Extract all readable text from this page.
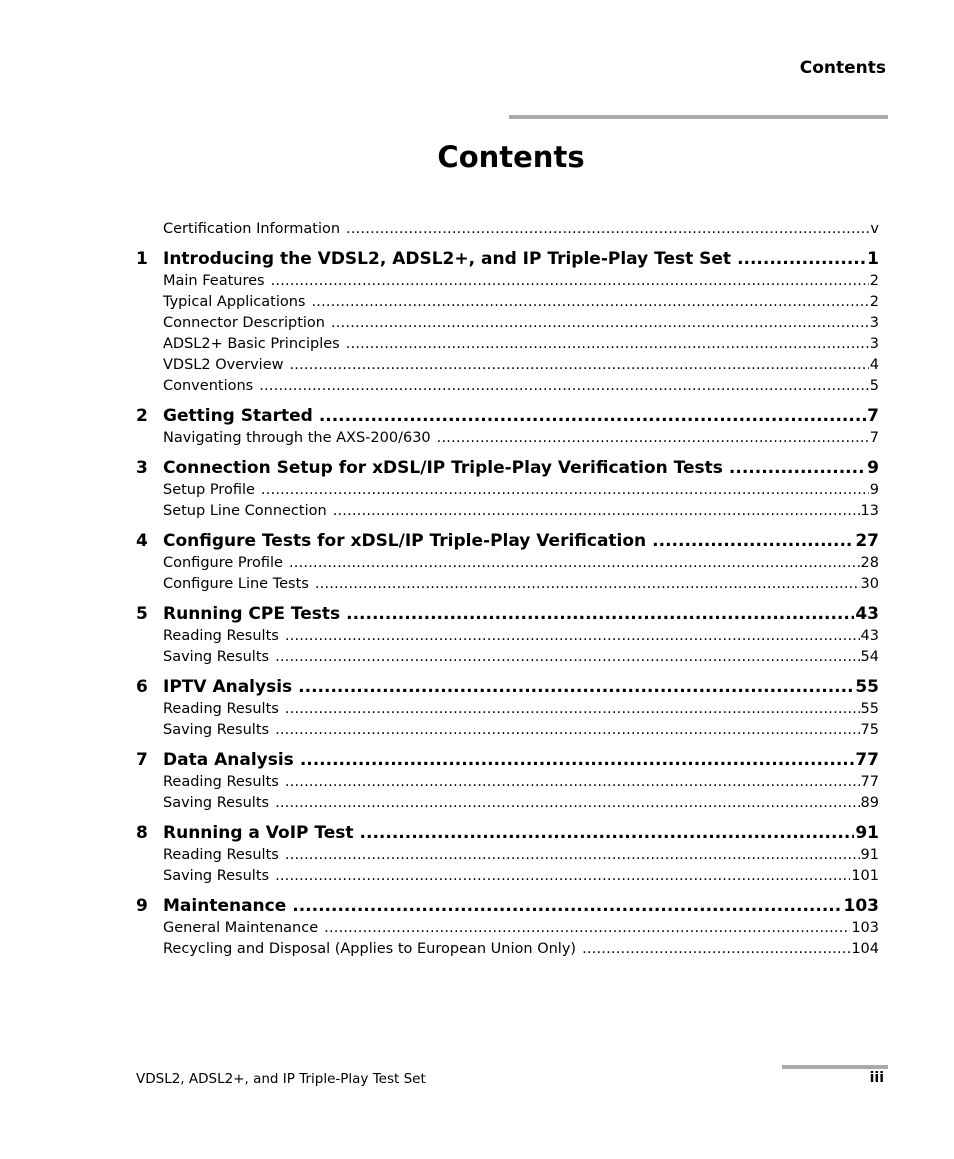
Contents
Contents
Certification Information .....	v
1 Introducing the VDSL2, ADSL2+, and IP Triple-Play Test Set .....	1
Main Features .....	2
Typical Applications .....	2
Connector Description .....	3
ADSL2+ Basic Principles .....	3
VDSL2 Overview .....	4
Conventions .....	5
2 Getting Started .....	7
Navigating through the AXS-200/630 .....	7
3 Connection Setup for xDSL/IP Triple-Play Verification Tests .....	9
Setup Profile .....	9
Setup Line Connection .....	13
4 Configure Tests for xDSL/IP Triple-Play Verification .....	27
Configure Profile .....	28
Configure Line Tests .....	30
5 Running CPE Tests .....	43
Reading Results .....	43
Saving Results .....	54
6 IPTV Analysis .....	55
Reading Results .....	55
Saving Results .....	75
7 Data Analysis .....	77
Reading Results .....	77
Saving Results .....	89
8 Running a VoIP Test .....	91
Reading Results .....	91
Saving Results .....	101
9 Maintenance .....	103
General Maintenance .....	103
Recycling and Disposal (Applies to European Union Only) .....	104
VDSL2, ADSL2+, and IP Triple-Play Test Set	iii
